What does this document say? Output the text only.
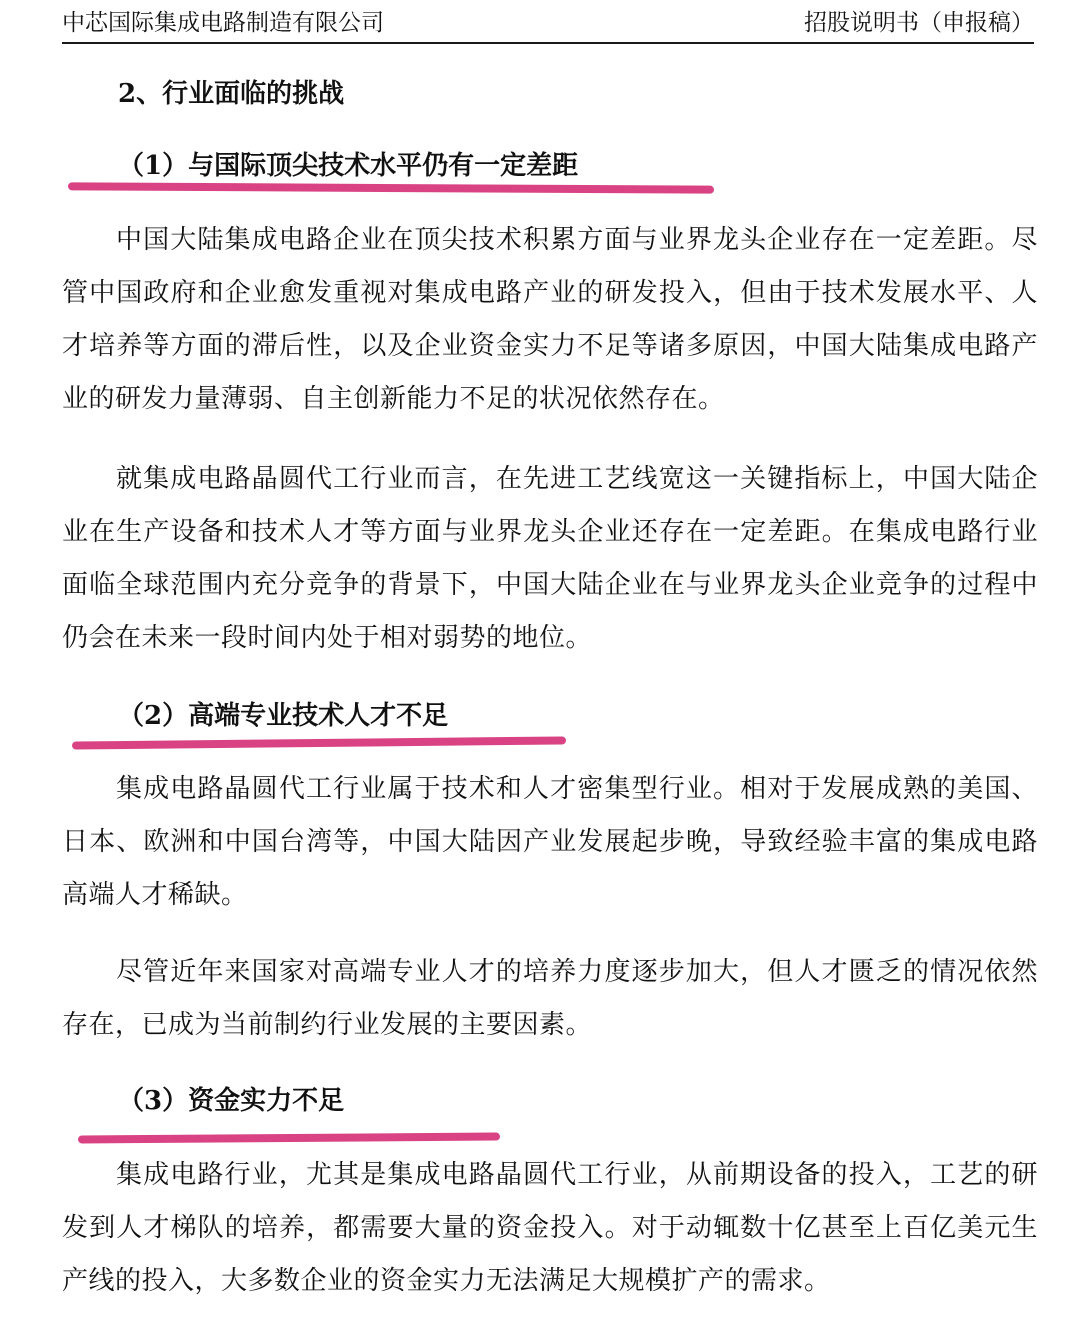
中芯国际集成电路制造有限公司	招股说明书（申报稿）
2、行业面临的挑战
（1）与国际顶尖技术水平仍有一定差距
中国大陆集成电路企业在顶尖技术积累方面与业界龙头企业存在一定差距。尽管中国政府和企业愈发重视对集成电路产业的研发投入，但由于技术发展水平、人才培养等方面的滞后性，以及企业资金实力不足等诸多原因，中国大陆集成电路产业的研发力量薄弱、自主创新能力不足的状况依然存在。
就集成电路晶圆代工行业而言，在先进工艺线宽这一关键指标上，中国大陆企业在生产设备和技术人才等方面与业界龙头企业还存在一定差距。在集成电路行业面临全球范围内充分竞争的背景下，中国大陆企业在与业界龙头企业竞争的过程中仍会在未来一段时间内处于相对弱势的地位。
（2）高端专业技术人才不足
集成电路晶圆代工行业属于技术和人才密集型行业。相对于发展成熟的美国、日本、欧洲和中国台湾等，中国大陆因产业发展起步晚，导致经验丰富的集成电路高端人才稀缺。
尽管近年来国家对高端专业人才的培养力度逐步加大，但人才匮乏的情况依然存在，已成为当前制约行业发展的主要因素。
（3）资金实力不足
集成电路行业，尤其是集成电路晶圆代工行业，从前期设备的投入，工艺的研发到人才梯队的培养，都需要大量的资金投入。对于动辄数十亿甚至上百亿美元生产线的投入，大多数企业的资金实力无法满足大规模扩产的需求。
